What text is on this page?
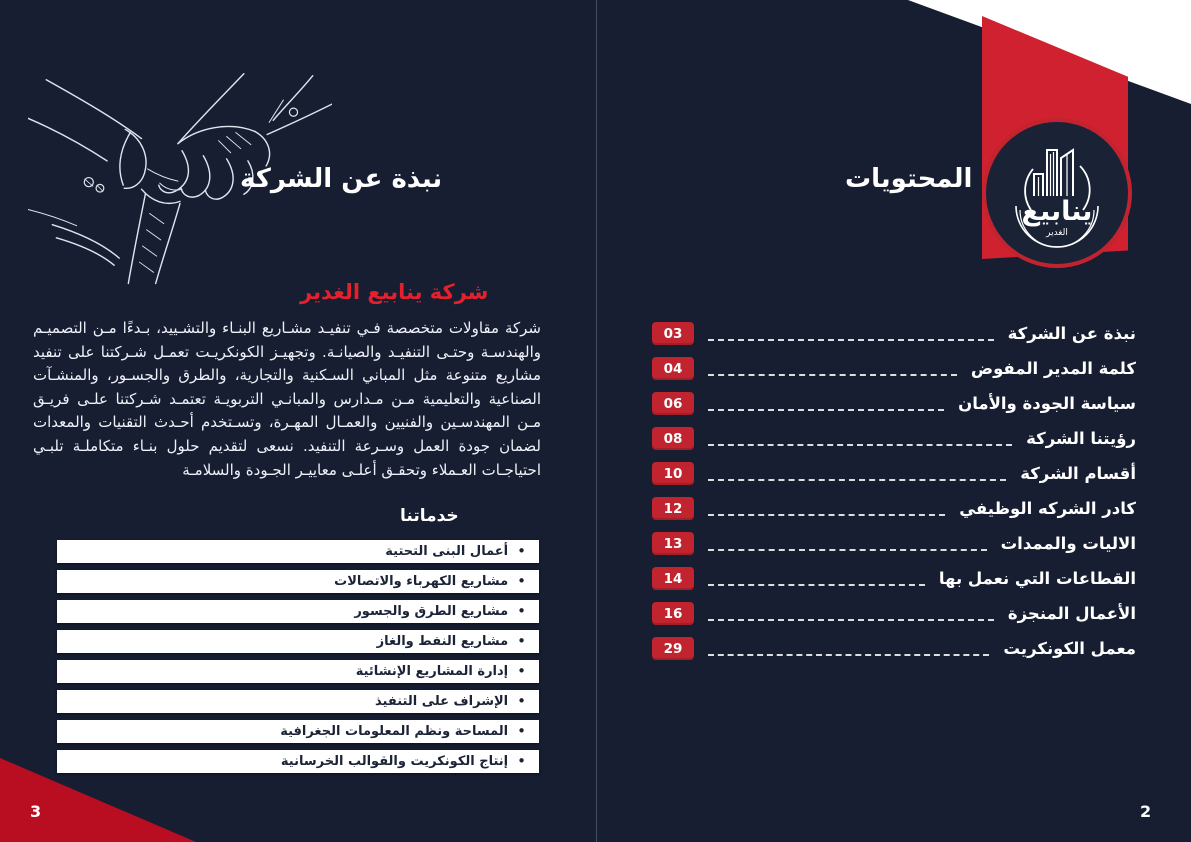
نبذة عن الشركة
شركة ينابيع الغدير
شركة مقاولات متخصصة فـي تنفيـد مشـاريع البنـاء والتشـييد، بـدءًا مـن التصميـم والهندسـة وحتـى التنفيـد والصيانـة. وتجهيـز الكونكريـت تعمـل شـركتنا على تنفيد مشاريع متنوعة مثل المباني السـكنية والتجارية، والطرق والجسـور، والمنشـآت الصناعية والتعليمية مـن مـدارس والمبانـي التربويـة تعتمـد شـركتنا علـى فريـق مـن المهندسـين والفنيين والعمـال المهـرة، وتسـتخدم أحـدث التقنيات والمعدات لضمان جودة العمل وسـرعة التنفيد. نسعى لتقديم حلول بنـاء متكاملـة تلبـي احتياجـات العـملاء وتحقـق أعلـى معاييـر الجـودة والسلامـة
خدماتنا
•
أعمال البنى التحتية
•
مشاريع الكهرباء والاتصالات
•
مشاريع الطرق والجسور
•
مشاريع النفط والغاز
•
إدارة المشاريع الإنشائية
•
الإشراف على التنفيذ
•
المساحة ونظم المعلومات الجغرافية
•
إنتاج الكونكريت والقوالب الخرسانية
3
ينابيع
الغدير
المحتويات
03	نبذة عن الشركة
04	كلمة المدير المفوض
06	سياسة الجودة والأمان
08	رؤيتنا الشركة
10	أقسام الشركة
12	كادر الشركه الوظيفي
13	الاليات والممدات
14	القطاعات التي نعمل بها
16	الأعمال المنجزة
29	معمل الكونكريت
2
